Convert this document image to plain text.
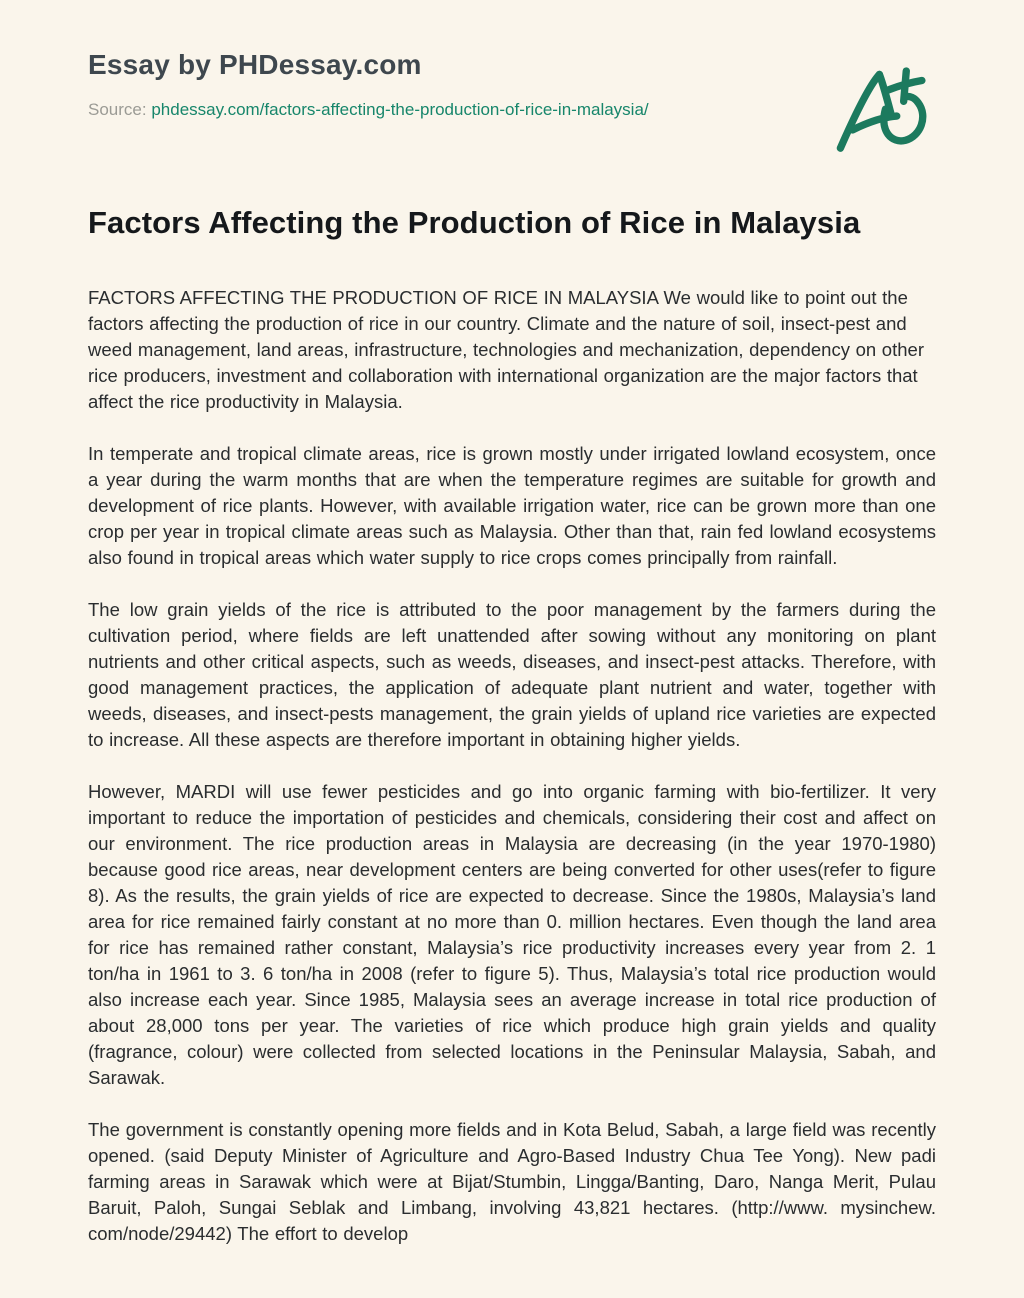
Essay by PHDessay.com
Source: phdessay.com/factors-affecting-the-production-of-rice-in-malaysia/
Factors Affecting the Production of Rice in Malaysia

FACTORS AFFECTING THE PRODUCTION OF RICE IN MALAYSIA We would like to point out the factors affecting the production of rice in our country. Climate and the nature of soil, insect-pest and weed management, land areas, infrastructure, technologies and mechanization, dependency on other rice producers, investment and collaboration with international organization are the major factors that affect the rice productivity in Malaysia.

In temperate and tropical climate areas, rice is grown mostly under irrigated lowland ecosystem, once a year during the warm months that are when the temperature regimes are suitable for growth and development of rice plants. However, with available irrigation water, rice can be grown more than one crop per year in tropical climate areas such as Malaysia. Other than that, rain fed lowland ecosystems also found in tropical areas which water supply to rice crops comes principally from rainfall.

The low grain yields of the rice is attributed to the poor management by the farmers during the cultivation period, where fields are left unattended after sowing without any monitoring on plant nutrients and other critical aspects, such as weeds, diseases, and insect-pest attacks. Therefore, with good management practices, the application of adequate plant nutrient and water, together with weeds, diseases, and insect-pests management, the grain yields of upland rice varieties are expected to increase. All these aspects are therefore important in obtaining higher yields.

However, MARDI will use fewer pesticides and go into organic farming with bio-fertilizer. It very important to reduce the importation of pesticides and chemicals, considering their cost and affect on our environment. The rice production areas in Malaysia are decreasing (in the year 1970-1980) because good rice areas, near development centers are being converted for other uses(refer to figure 8). As the results, the grain yields of rice are expected to decrease. Since the 1980s, Malaysia’s land area for rice remained fairly constant at no more than 0. million hectares. Even though the land area for rice has remained rather constant, Malaysia’s rice productivity increases every year from 2. 1 ton/ha in 1961 to 3. 6 ton/ha in 2008 (refer to figure 5). Thus, Malaysia’s total rice production would also increase each year. Since 1985, Malaysia sees an average increase in total rice production of about 28,000 tons per year. The varieties of rice which produce high grain yields and quality (fragrance, colour) were collected from selected locations in the Peninsular Malaysia, Sabah, and Sarawak.

The government is constantly opening more fields and in Kota Belud, Sabah, a large field was recently opened. (said Deputy Minister of Agriculture and Agro-Based Industry Chua Tee Yong). New padi farming areas in Sarawak which were at Bijat/Stumbin, Lingga/Banting, Daro, Nanga Merit, Pulau Baruit, Paloh, Sungai Seblak and Limbang, involving 43,821 hectares. (http://www. mysinchew. com/node/29442) The effort to develop
